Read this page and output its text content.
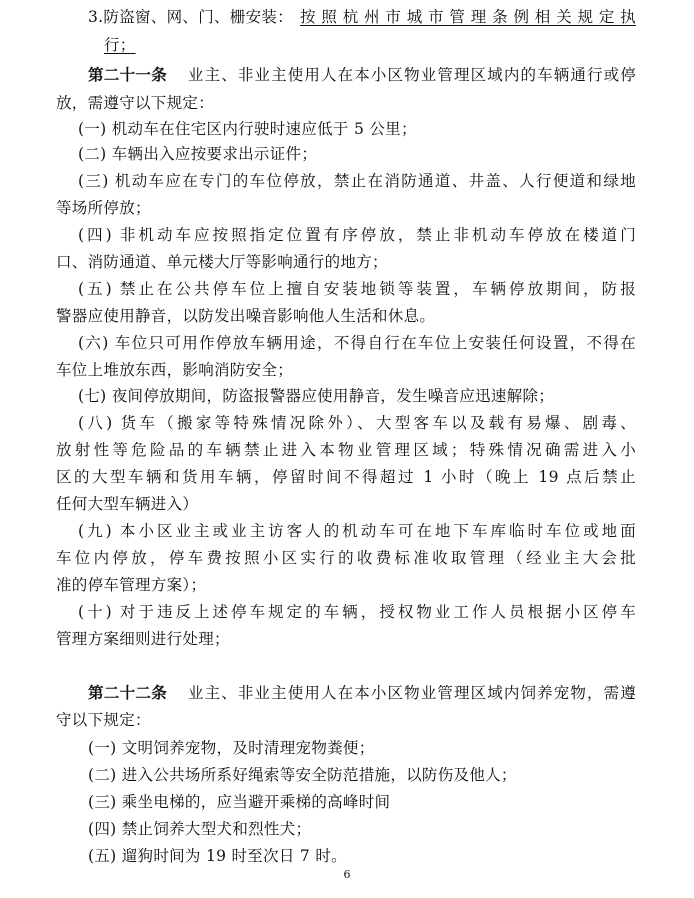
3.防盗窗、网、门、栅安装： 按照杭州市城市管理条例相关规定执
行；
第二十一条 业主、非业主使用人在本小区物业管理区域内的车辆通行或停
放，需遵守以下规定：
(一) 机动车在住宅区内行驶时速应低于 5 公里；
(二) 车辆出入应按要求出示证件；
(三) 机动车应在专门的车位停放，禁止在消防通道、井盖、人行便道和绿地
等场所停放；
(四) 非机动车应按照指定位置有序停放，禁止非机动车停放在楼道门
口、消防通道、单元楼大厅等影响通行的地方；
(五) 禁止在公共停车位上擅自安装地锁等装置，车辆停放期间，防报
警器应使用静音，以防发出噪音影响他人生活和休息。
(六) 车位只可用作停放车辆用途，不得自行在车位上安装任何设置，不得在
车位上堆放东西，影响消防安全；
(七) 夜间停放期间，防盗报警器应使用静音，发生噪音应迅速解除；
(八) 货车（搬家等特殊情况除外）、大型客车以及载有易爆、剧毒、
放射性等危险品的车辆禁止进入本物业管理区域；特殊情况确需进入小
区的大型车辆和货用车辆，停留时间不得超过 1 小时（晚上 19 点后禁止
任何大型车辆进入）
(九) 本小区业主或业主访客人的机动车可在地下车库临时车位或地面
车位内停放，停车费按照小区实行的收费标准收取管理（经业主大会批
准的停车管理方案）；
(十) 对于违反上述停车规定的车辆，授权物业工作人员根据小区停车
管理方案细则进行处理；
第二十二条 业主、非业主使用人在本小区物业管理区域内饲养宠物，需遵
守以下规定：
(一) 文明饲养宠物，及时清理宠物粪便；
(二) 进入公共场所系好绳索等安全防范措施，以防伤及他人；
(三) 乘坐电梯的，应当避开乘梯的高峰时间
(四) 禁止饲养大型犬和烈性犬；
(五) 遛狗时间为 19 时至次日 7 时。
6
